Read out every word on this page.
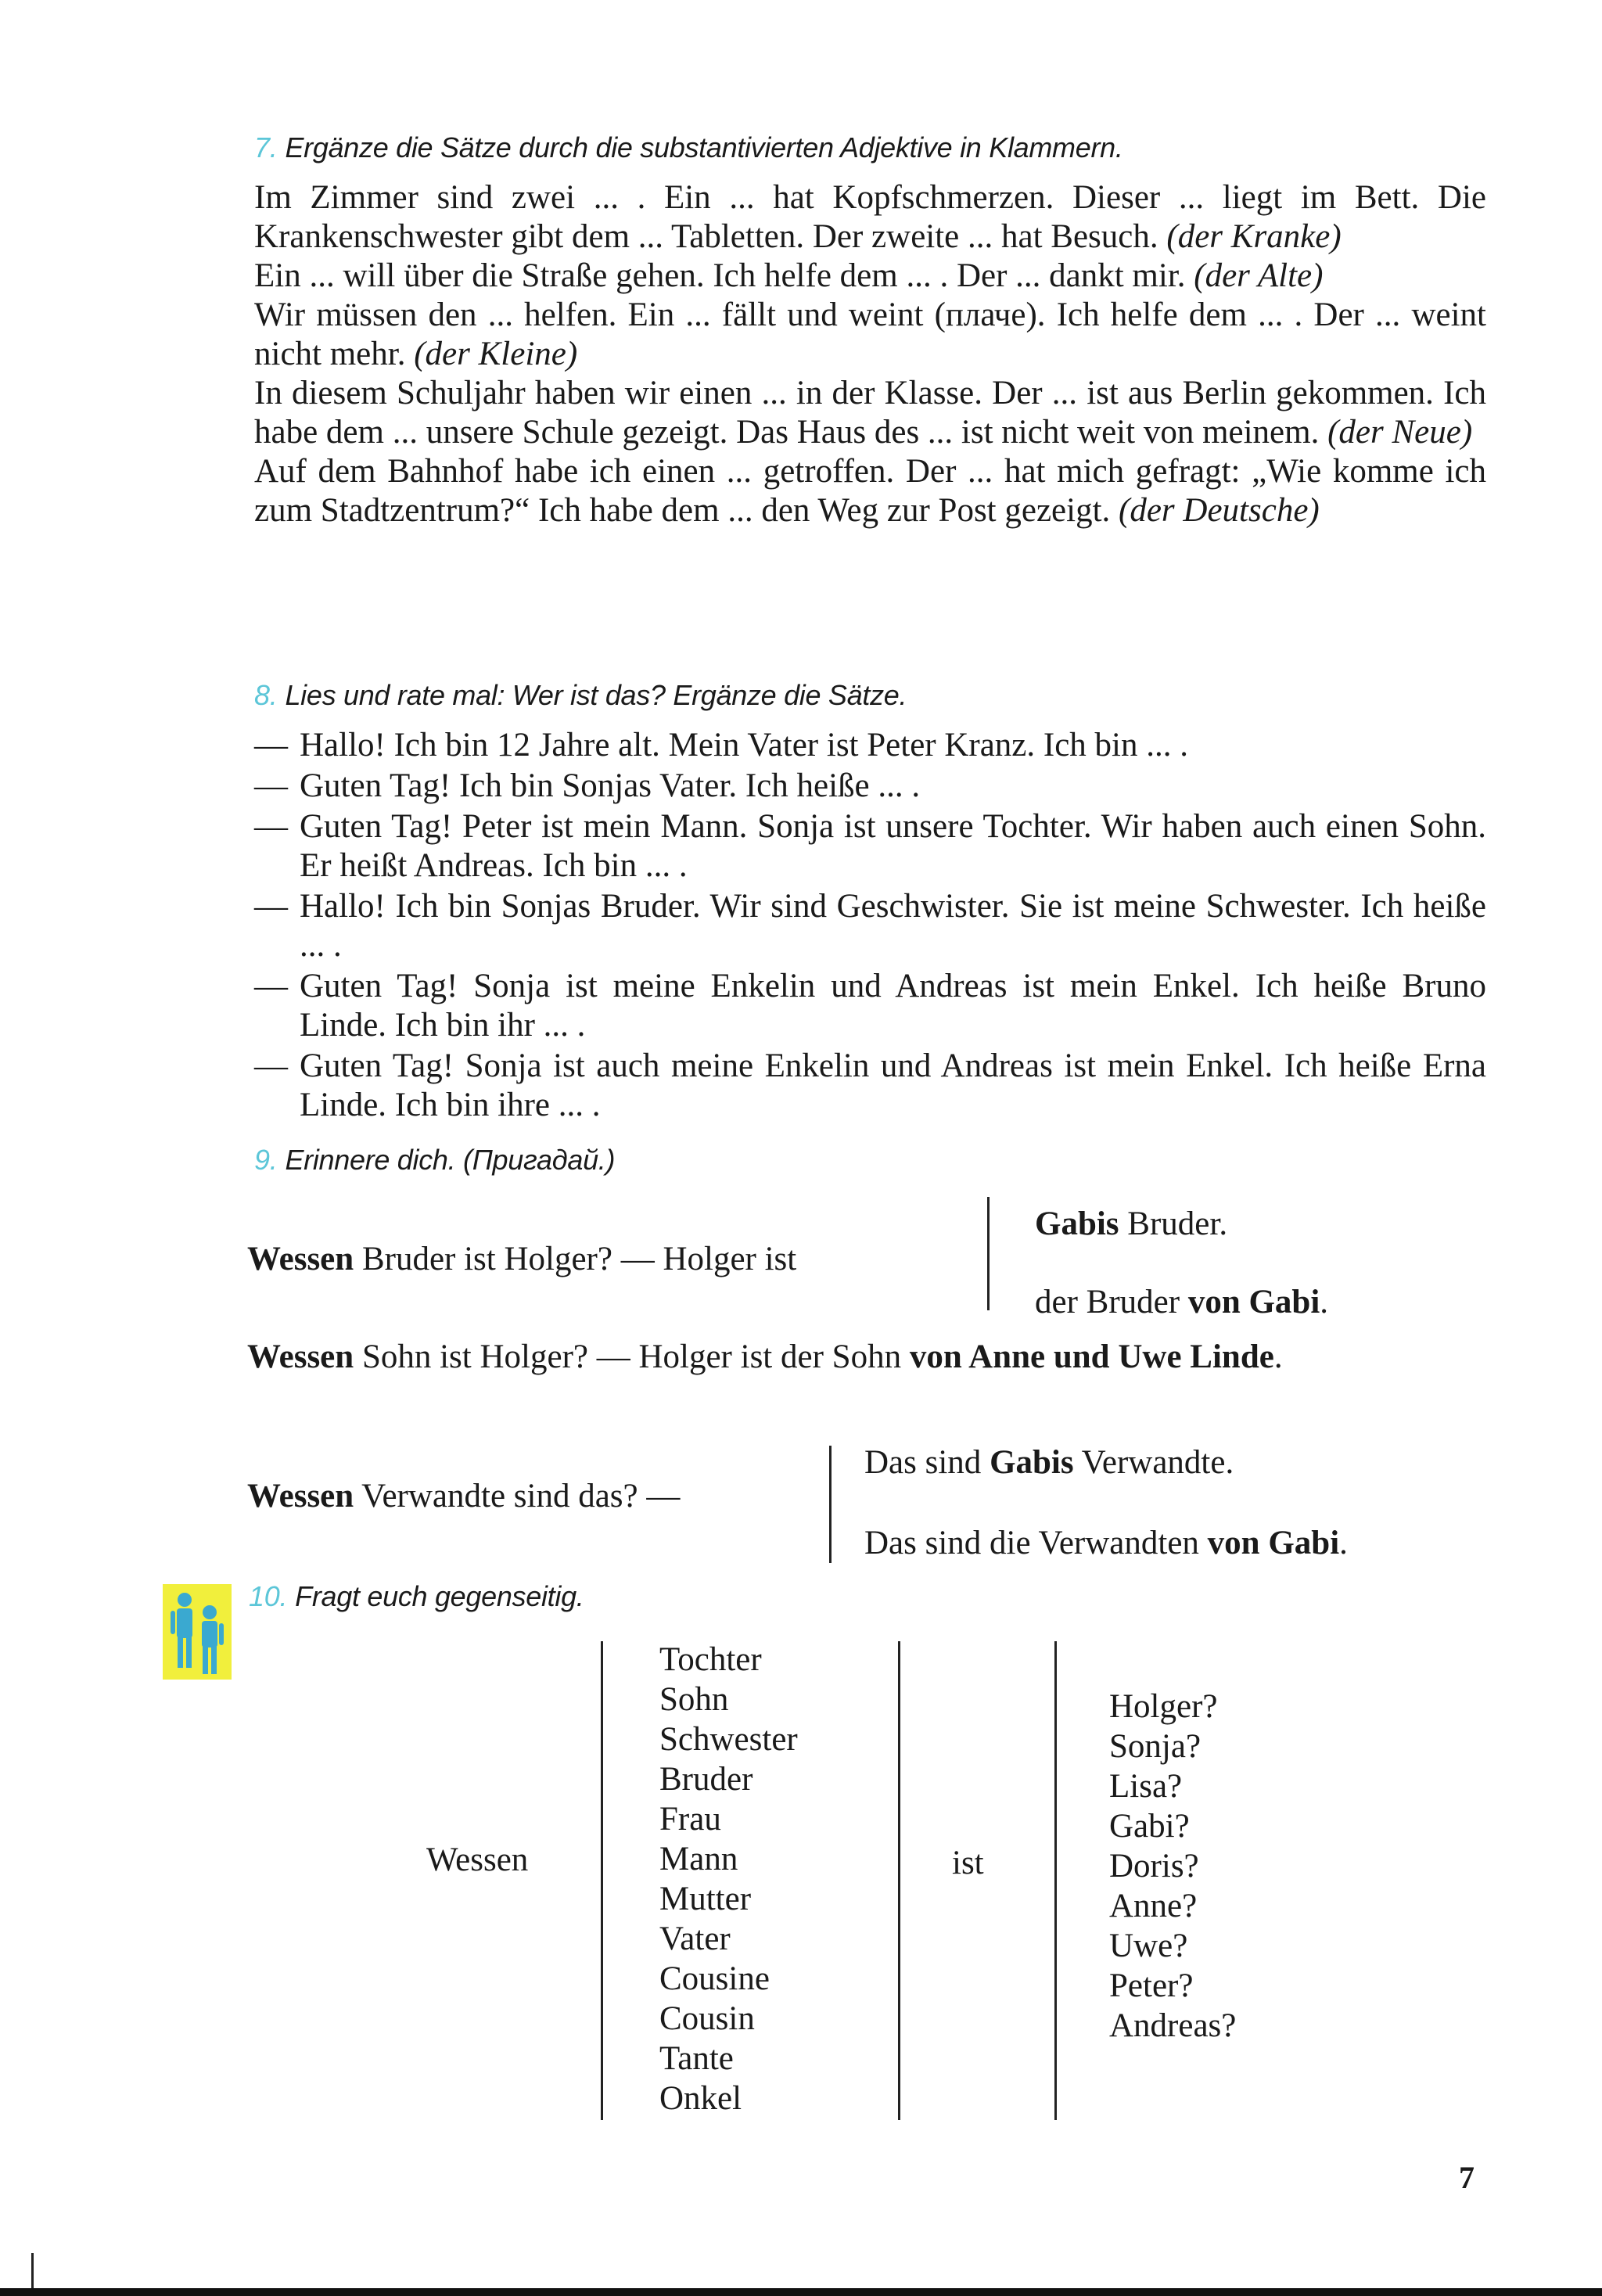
7. Ergänze die Sätze durch die substantivierten Adjektive in Klammern.

Im Zimmer sind zwei ... . Ein ... hat Kopfschmerzen. Dieser ... liegt im Bett. Die Krankenschwester gibt dem ... Tabletten. Der zweite ... hat Besuch. (der Kranke)

Ein ... will über die Straße gehen. Ich helfe dem ... . Der ... dankt mir. (der Alte)

Wir müssen den ... helfen. Ein ... fällt und weint (плаче). Ich helfe dem ... . Der ... weint nicht mehr. (der Kleine)

In diesem Schuljahr haben wir einen ... in der Klasse. Der ... ist aus Berlin gekommen. Ich habe dem ... unsere Schule gezeigt. Das Haus des ... ist nicht weit von meinem. (der Neue)

Auf dem Bahnhof habe ich einen ... getroffen. Der ... hat mich gefragt: „Wie komme ich zum Stadtzentrum?“ Ich habe dem ... den Weg zur Post gezeigt. (der Deutsche)

8. Lies und rate mal: Wer ist das? Ergänze die Sätze.
— Hallo! Ich bin 12 Jahre alt. Mein Vater ist Peter Kranz. Ich bin ... .
— Guten Tag! Ich bin Sonjas Vater. Ich heiße ... .
— Guten Tag! Peter ist mein Mann. Sonja ist unsere Tochter. Wir haben auch einen Sohn. Er heißt Andreas. Ich bin ... .
— Hallo! Ich bin Sonjas Bruder. Wir sind Geschwister. Sie ist meine Schwester. Ich heiße ... .
— Guten Tag! Sonja ist meine Enkelin und Andreas ist mein Enkel. Ich heiße Bruno Linde. Ich bin ihr ... .
— Guten Tag! Sonja ist auch meine Enkelin und Andreas ist mein Enkel. Ich heiße Erna Linde. Ich bin ihre ... .
9. Erinnere dich. (Пригадай.)
Wessen Bruder ist Holger? — Holger ist
Gabis Bruder.
der Bruder von Gabi.
Wessen Sohn ist Holger? — Holger ist der Sohn von Anne und Uwe Linde.
Wessen Verwandte sind das? —
Das sind Gabis Verwandte.
Das sind die Verwandten von Gabi.
10. Fragt euch gegenseitig.
Wessen
Tochter
Sohn
Schwester
Bruder
Frau
Mann
Mutter
Vater
Cousine
Cousin
Tante
Onkel
ist
Holger?
Sonja?
Lisa?
Gabi?
Doris?
Anne?
Uwe?
Peter?
Andreas?
7
